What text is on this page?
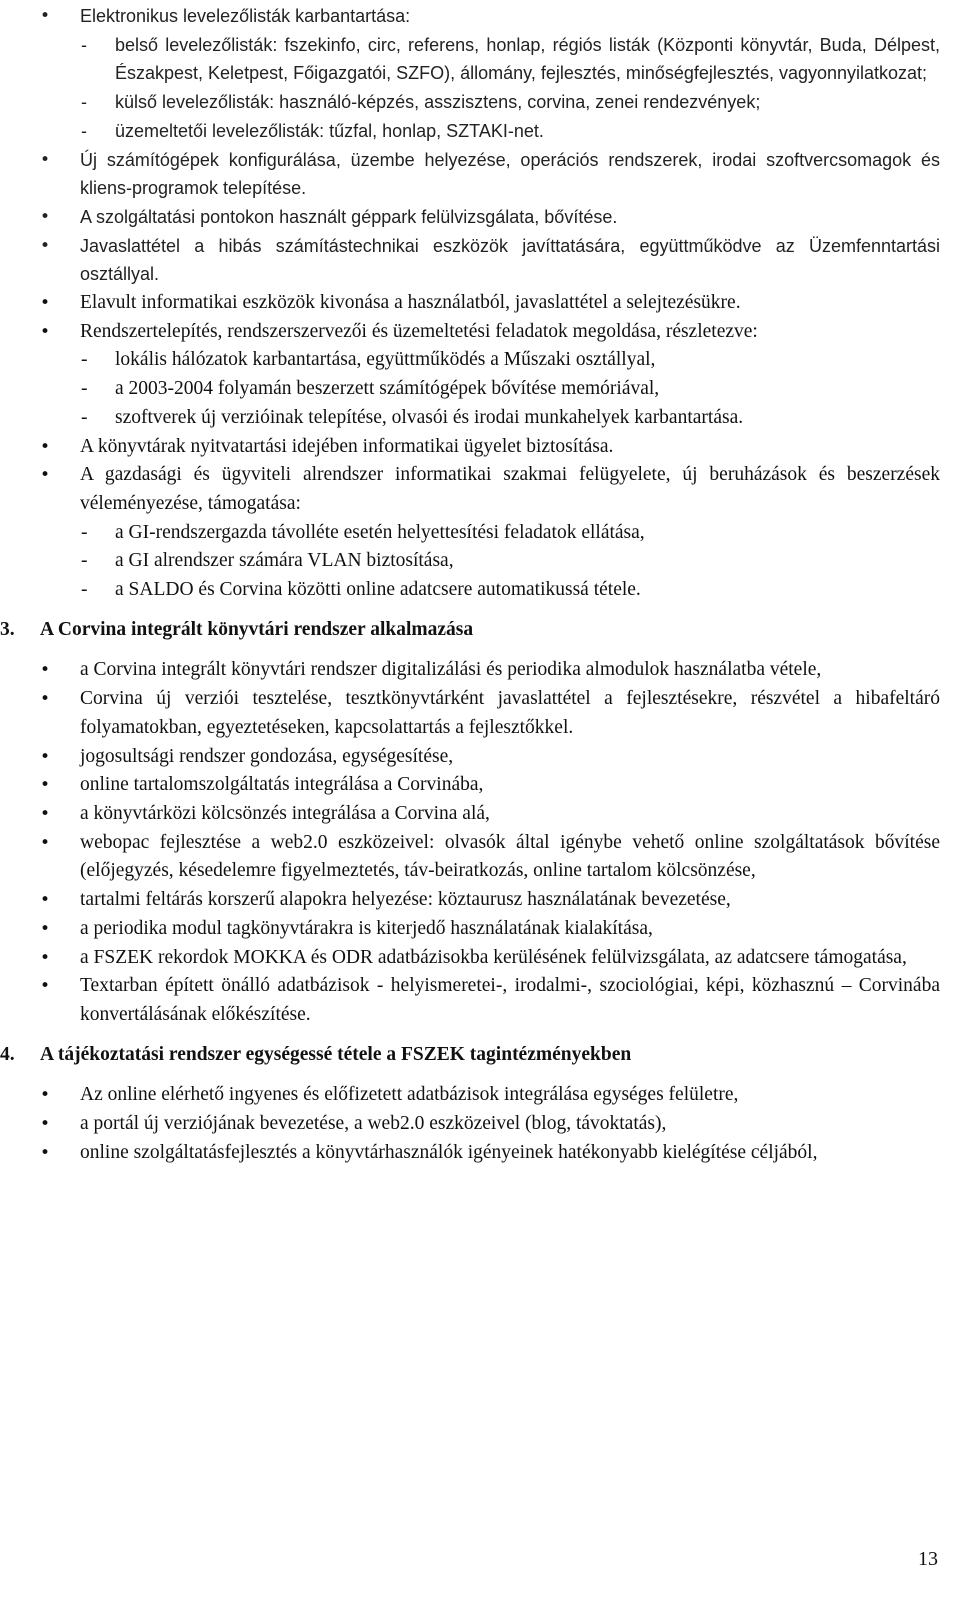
• Elektronikus levelezőlisták karbantartása:
- belső levelezőlisták: fszekinfo, circ, referens, honlap, régiós listák (Központi könyvtár, Buda, Délpest, Északpest, Keletpest, Főigazgatói, SZFO), állomány, fejlesztés, minőségfejlesztés, vagyonnyilatkozat;
- külső levelezőlisták: használó-képzés, asszisztens, corvina, zenei rendezvények;
- üzemeltetői levelezőlisták: tűzfal, honlap, SZTAKI-net.
• Új számítógépek konfigurálása, üzembe helyezése, operációs rendszerek, irodai szoftvercsomagok és kliens-programok telepítése.
• A szolgáltatási pontokon használt géppark felülvizsgálata, bővítése.
• Javaslattétel a hibás számítástechnikai eszközök javíttatására, együttműködve az Üzemfenntartási osztállyal.
• Elavult informatikai eszközök kivonása a használatból, javaslattétel a selejtezésükre.
• Rendszertelepítés, rendszerszervezői és üzemeltetési feladatok megoldása, részletezve:
- lokális hálózatok karbantartása, együttműködés a Műszaki osztállyal,
- a 2003-2004 folyamán beszerzett számítógépek bővítése memóriával,
- szoftverek új verzióinak telepítése, olvasói és irodai munkahelyek karbantartása.
• A könyvtárak nyitvatartási idejében informatikai ügyelet biztosítása.
• A gazdasági és ügyviteli alrendszer informatikai szakmai felügyelete, új beruházások és beszerzések véleményezése, támogatása:
- a GI-rendszergazda távolléte esetén helyettesítési feladatok ellátása,
- a GI alrendszer számára VLAN biztosítása,
- a SALDO és Corvina közötti online adatcsere automatikussá tétele.
3. A Corvina integrált könyvtári rendszer alkalmazása
• a Corvina integrált könyvtári rendszer digitalizálási és periodika almodulok használatba vétele,
• Corvina új verziói tesztelése, tesztkönyvtárként javaslattétel a fejlesztésekre, részvétel a hibafeltáró folyamatokban, egyeztetéseken, kapcsolattartás a fejlesztőkkel.
• jogosultsági rendszer gondozása, egységesítése,
• online tartalomszolgáltatás integrálása a Corvinába,
• a könyvtárközi kölcsönzés integrálása a Corvina alá,
• webopac fejlesztése a web2.0 eszközeivel: olvasók által igénybe vehető online szolgáltatások bővítése (előjegyzés, késedelemre figyelmeztetés, táv-beiratkozás, online tartalom kölcsönzése,
• tartalmi feltárás korszerű alapokra helyezése: köztaurusz használatának bevezetése,
• a periodika modul tagkönyvtárakra is kiterjedő használatának kialakítása,
• a FSZEK rekordok MOKKA és ODR adatbázisokba kerülésének felülvizsgálata, az adatcsere támogatása,
• Textarban épített önálló adatbázisok - helyismeretei-, irodalmi-, szociológiai, képi, közhasznú – Corvinába konvertálásának előkészítése.
4. A tájékoztatási rendszer egységessé tétele a FSZEK tagintézményekben
• Az online elérhető ingyenes és előfizetett adatbázisok integrálása egységes felületre,
• a portál új verziójának bevezetése, a web2.0 eszközeivel (blog, távoktatás),
• online szolgáltatásfejlesztés a könyvtárhasználók igényeinek hatékonyabb kielégítése céljából,
13
